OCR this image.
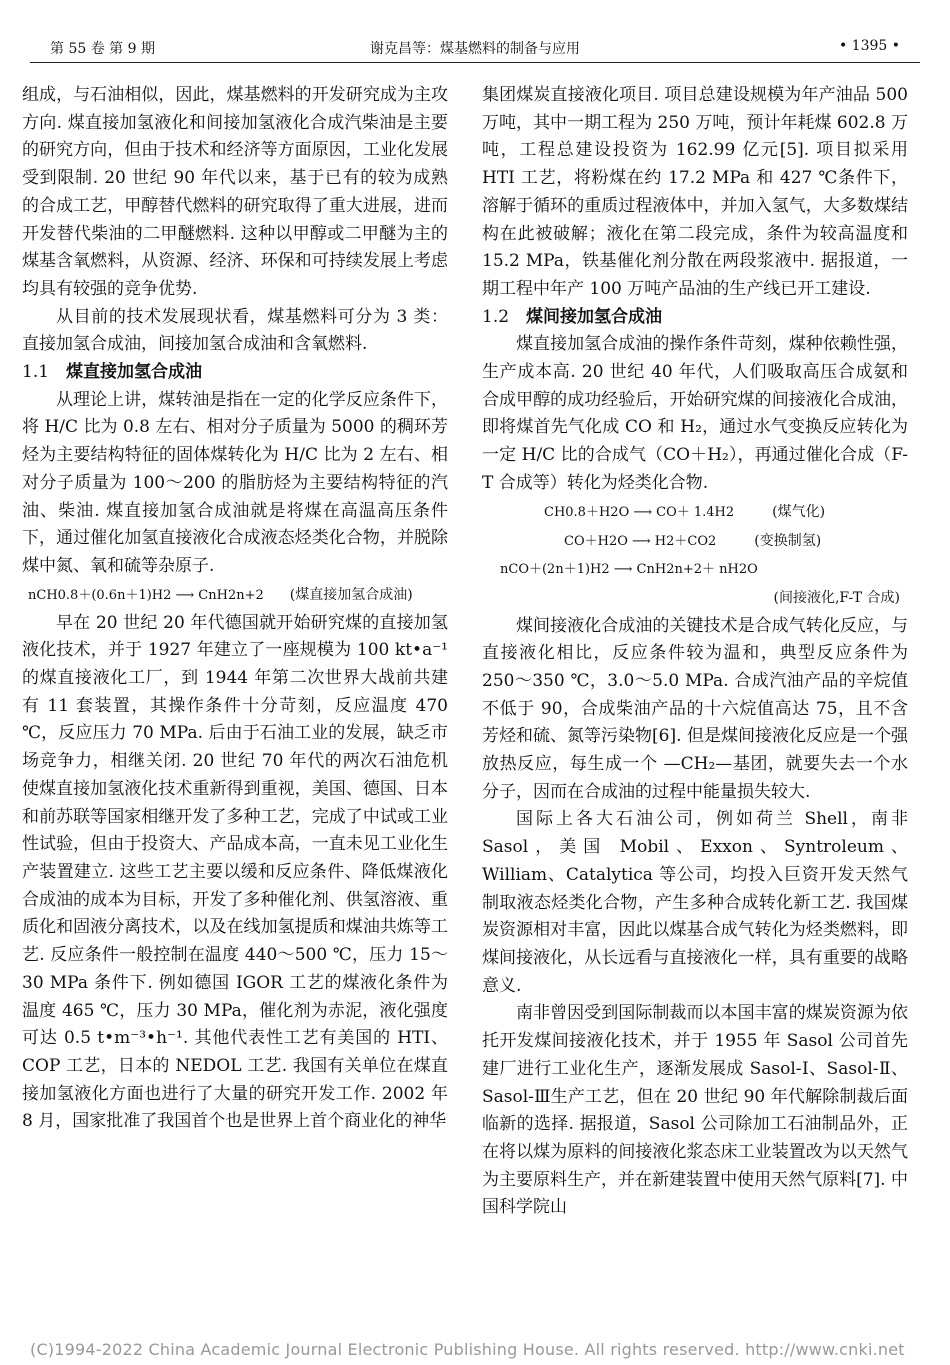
第 55 卷 第 9 期	谢克昌等：煤基燃料的制备与应用	• 1395 •

组成，与石油相似，因此，煤基燃料的开发研究成为主攻方向. 煤直接加氢液化和间接加氢液化合成汽柴油是主要的研究方向，但由于技术和经济等方面原因，工业化发展受到限制. 20 世纪 90 年代以来，基于已有的较为成熟的合成工艺，甲醇替代燃料的研究取得了重大进展，进而开发替代柴油的二甲醚燃料. 这种以甲醇或二甲醚为主的煤基含氧燃料，从资源、经济、环保和可持续发展上考虑均具有较强的竞争优势.

从目前的技术发展现状看，煤基燃料可分为 3 类：直接加氢合成油，间接加氢合成油和含氧燃料.

1.1 煤直接加氢合成油

从理论上讲，煤转油是指在一定的化学反应条件下，将 H/C 比为 0.8 左右、相对分子质量为 5000 的稠环芳烃为主要结构特征的固体煤转化为 H/C 比为 2 左右、相对分子质量为 100～200 的脂肪烃为主要结构特征的汽油、柴油. 煤直接加氢合成油就是将煤在高温高压条件下，通过催化加氢直接液化合成液态烃类化合物，并脱除煤中氮、氧和硫等杂原子.

nCH0.8＋(0.6n＋1)H2 ⟶ CnH2n+2 (煤直接加氢合成油)

早在 20 世纪 20 年代德国就开始研究煤的直接加氢液化技术，并于 1927 年建立了一座规模为 100 kt•a⁻¹的煤直接液化工厂，到 1944 年第二次世界大战前共建有 11 套装置，其操作条件十分苛刻，反应温度 470 ℃，反应压力 70 MPa. 后由于石油工业的发展，缺乏市场竞争力，相继关闭. 20 世纪 70 年代的两次石油危机使煤直接加氢液化技术重新得到重视，美国、德国、日本和前苏联等国家相继开发了多种工艺，完成了中试或工业性试验，但由于投资大、产品成本高，一直未见工业化生产装置建立. 这些工艺主要以缓和反应条件、降低煤液化合成油的成本为目标，开发了多种催化剂、供氢溶液、重质化和固液分离技术，以及在线加氢提质和煤油共炼等工艺. 反应条件一般控制在温度 440～500 ℃，压力 15～30 MPa 条件下. 例如德国 IGOR 工艺的煤液化条件为温度 465 ℃，压力 30 MPa，催化剂为赤泥，液化强度可达 0.5 t•m⁻³•h⁻¹. 其他代表性工艺有美国的 HTI、COP 工艺，日本的 NEDOL 工艺. 我国有关单位在煤直接加氢液化方面也进行了大量的研究开发工作. 2002 年 8 月，国家批准了我国首个也是世界上首个商业化的神华

集团煤炭直接液化项目. 项目总建设规模为年产油品 500 万吨，其中一期工程为 250 万吨，预计年耗煤 602.8 万吨，工程总建设投资为 162.99 亿元[5]. 项目拟采用 HTI 工艺，将粉煤在约 17.2 MPa 和 427 ℃条件下，溶解于循环的重质过程液体中，并加入氢气，大多数煤结构在此被破解；液化在第二段完成，条件为较高温度和 15.2 MPa，铁基催化剂分散在两段浆液中. 据报道，一期工程中年产 100 万吨产品油的生产线已开工建设.

1.2 煤间接加氢合成油

煤直接加氢合成油的操作条件苛刻，煤种依赖性强，生产成本高. 20 世纪 40 年代，人们吸取高压合成氨和合成甲醇的成功经验后，开始研究煤的间接液化合成油，即将煤首先气化成 CO 和 H₂，通过水气变换反应转化为一定 H/C 比的合成气（CO＋H₂），再通过催化合成（F-T 合成等）转化为烃类化合物.

CH0.8＋H2O ⟶ CO＋ 1.4H2	(煤气化)
CO＋H2O ⟶ H2＋CO2	(变换制氢)
nCO＋(2n＋1)H2 ⟶ CnH2n+2＋ nH2O
(间接液化,F-T 合成)

煤间接液化合成油的关键技术是合成气转化反应，与直接液化相比，反应条件较为温和，典型反应条件为 250～350 ℃，3.0～5.0 MPa. 合成汽油产品的辛烷值不低于 90，合成柴油产品的十六烷值高达 75，且不含芳烃和硫、氮等污染物[6]. 但是煤间接液化反应是一个强放热反应，每生成一个 —CH₂—基团，就要失去一个水分子，因而在合成油的过程中能量损失较大.

国际上各大石油公司，例如荷兰 Shell，南非 Sasol，美国 Mobil、Exxon、Syntroleum、William、Catalytica 等公司，均投入巨资开发天然气制取液态烃类化合物，产生多种合成转化新工艺. 我国煤炭资源相对丰富，因此以煤基合成气转化为烃类燃料，即煤间接液化，从长远看与直接液化一样，具有重要的战略意义.

南非曾因受到国际制裁而以本国丰富的煤炭资源为依托开发煤间接液化技术，并于 1955 年 Sasol 公司首先建厂进行工业化生产，逐渐发展成 Sasol-Ⅰ、Sasol-Ⅱ、Sasol-Ⅲ生产工艺，但在 20 世纪 90 年代解除制裁后面临新的选择. 据报道，Sasol 公司除加工石油制品外，正在将以煤为原料的间接液化浆态床工业装置改为以天然气为主要原料生产，并在新建装置中使用天然气原料[7]. 中国科学院山

(C)1994-2022 China Academic Journal Electronic Publishing House. All rights reserved. http://www.cnki.net
